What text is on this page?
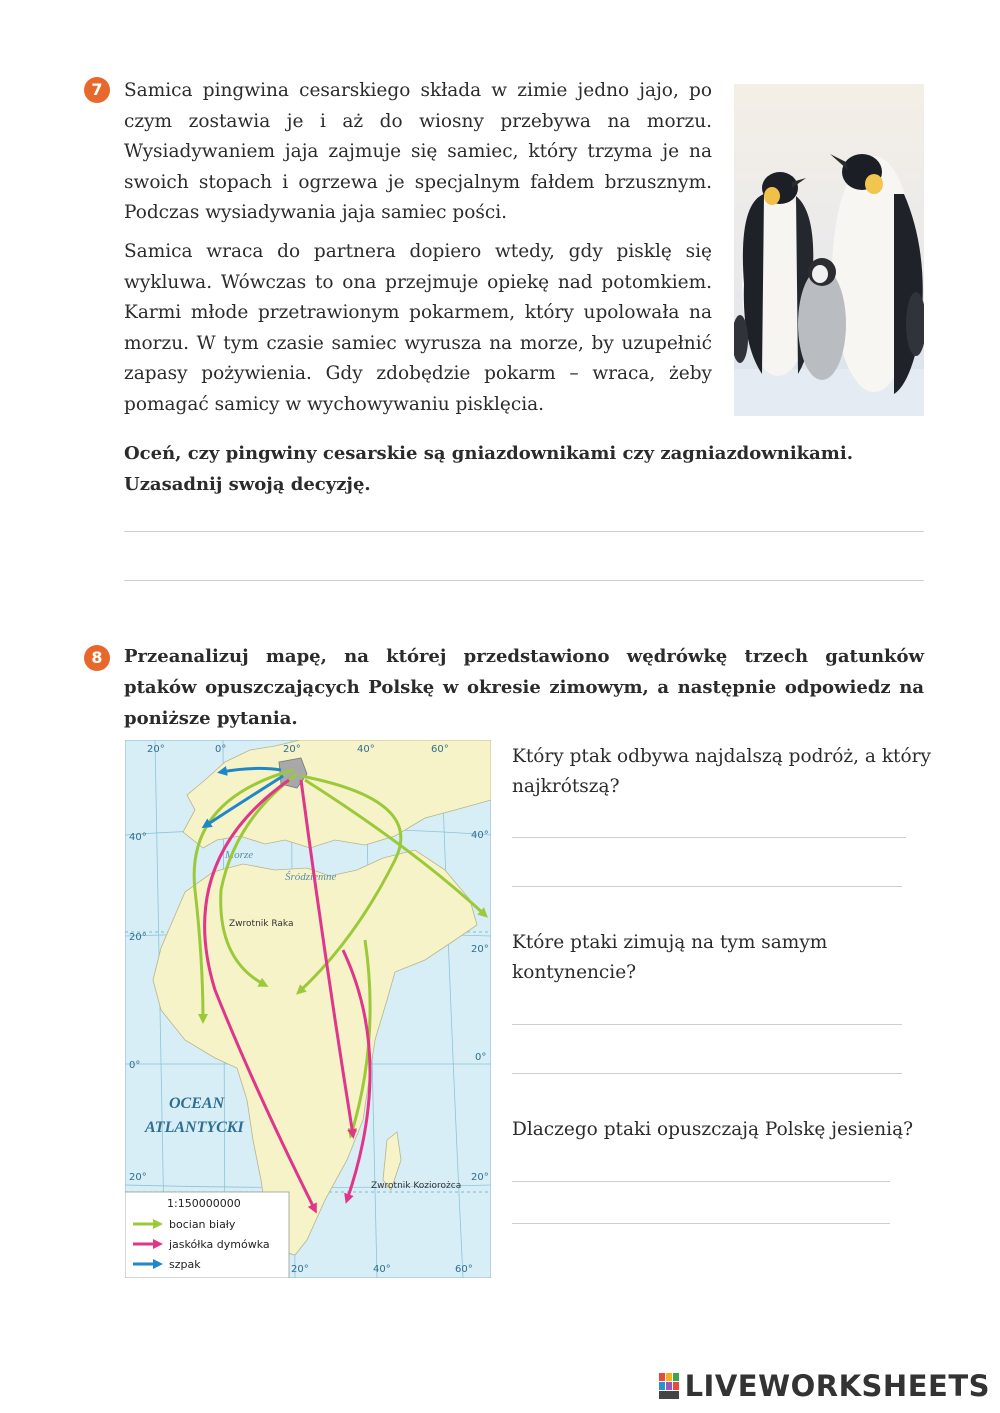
7	Samica pingwina cesarskiego składa w zimie jedno jajo, po czym zostawia je i aż do wiosny przebywa na morzu. Wysiadywaniem jaja zajmuje się samiec, który trzyma je na swoich stopach i ogrzewa je specjalnym fałdem brzusznym. Podczas wysiadywania jaja samiec pości.

Samica wraca do partnera dopiero wtedy, gdy pisklę się wykluwa. Wówczas to ona przejmuje opiekę nad potomkiem. Karmi młode przetrawionym pokarmem, który upolowała na morzu. W tym czasie samiec wyrusza na morze, by uzupełnić zapasy pożywienia. Gdy zdobędzie pokarm – wraca, żeby pomagać samicy w wychowywaniu pisklęcia.

Oceń, czy pingwiny cesarskie są gniazdownikami czy zagniazdownikami. Uzasadnij swoją decyzję.

8	Przeanalizuj mapę, na której przedstawiono wędrówkę trzech gatunków ptaków opuszczających Polskę w okresie zimowym, a następnie odpowiedz na poniższe pytania.

Morze
Śródziemne
OCEAN
ATLANTYCKI
Zwrotnik Raka
Zwrotnik Koziorożca
20°	0°	20°	40°	60°
20°	40°	60°
40°
20°
0°
20°
40°
20°
0°
20°
1:150000000
bocian biały
jaskółka dymówka
szpak

Który ptak odbywa najdalszą podróż, a który najkrótszą?

Które ptaki zimują na tym samym kontynencie?

Dlaczego ptaki opuszczają Polskę jesienią?

LIVEWORKSHEETS
